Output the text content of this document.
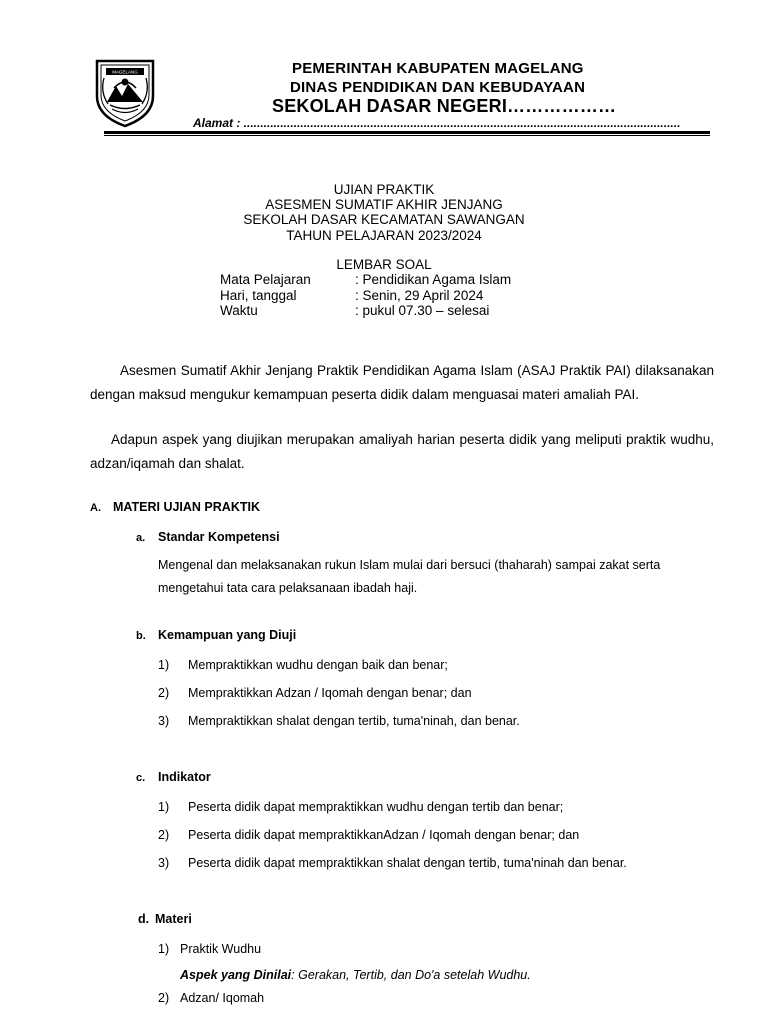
MAGELANG	PEMERINTAH KABUPATEN MAGELANG
DINAS PENDIDIKAN DAN KEBUDAYAAN
SEKOLAH DASAR NEGERI………………
Alamat : ...................................................................................................................................
UJIAN PRAKTIK
ASESMEN SUMATIF AKHIR JENJANG
SEKOLAH DASAR KECAMATAN SAWANGAN
TAHUN PELAJARAN 2023/2024
LEMBAR SOAL
Mata Pelajaran	: Pendidikan Agama Islam
Hari, tanggal	: Senin, 29 April 2024
Waktu	: pukul 07.30 – selesai

Asesmen Sumatif Akhir Jenjang Praktik Pendidikan Agama Islam (ASAJ Praktik PAI) dilaksanakan dengan maksud mengukur kemampuan peserta didik dalam menguasai materi amaliah PAI.

Adapun aspek yang diujikan merupakan amaliyah harian peserta didik yang meliputi praktik wudhu, adzan/iqamah dan shalat.

A. MATERI UJIAN PRAKTIK
a. Standar Kompetensi

Mengenal dan melaksanakan rukun Islam mulai dari bersuci (thaharah) sampai zakat serta mengetahui tata cara pelaksanaan ibadah haji.

b. Kemampuan yang Diuji
1) Mempraktikkan wudhu dengan baik dan benar;
2) Mempraktikkan Adzan / Iqomah dengan benar; dan
3) Mempraktikkan shalat dengan tertib, tuma'ninah, dan benar.
c. Indikator
1) Peserta didik dapat mempraktikkan wudhu dengan tertib dan benar;
2) Peserta didik dapat mempraktikkanAdzan / Iqomah dengan benar; dan
3) Peserta didik dapat mempraktikkan shalat dengan tertib, tuma'ninah dan benar.
d. Materi
1) Praktik Wudhu
Aspek yang Dinilai: Gerakan, Tertib, dan Do'a setelah Wudhu.
2) Adzan/ Iqomah
